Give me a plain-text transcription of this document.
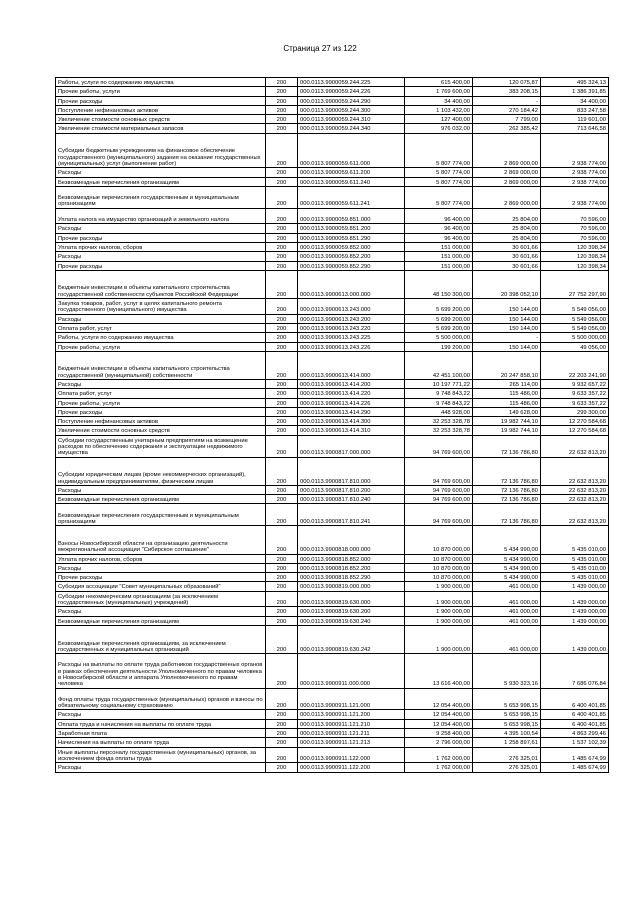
Страница 27 из 122
Работы, услуги по содержанию имущества	200	000.0113.9900059.244.225	615 400,00	120 075,87	495 324,13
Прочие работы, услуги	200	000.0113.9900059.244.226	1 769 600,00	383 208,15	1 386 391,85
Прочие расходы	200	000.0113.9900059.244.290	34 400,00	-	34 400,00
Поступление нефинансовых активов	200	000.0113.9900059.244.300	1 103 432,00	270 184,42	833 247,58
Увеличение стоимости основных средств	200	000.0113.9900059.244.310	127 400,00	7 799,00	119 601,00
Увеличение стоимости материальных запасов	200	000.0113.9900059.244.340	976 032,00	262 385,42	713 646,58
Субсидии бюджетным учреждениям на финансовое обеспечение государственного (муниципального) задания на оказание государственных (муниципальных) услуг (выполнение работ)	200	000.0113.9900059.611.000	5 807 774,00	2 869 000,00	2 938 774,00
Расходы	200	000.0113.9900059.611.200	5 807 774,00	2 869 000,00	2 938 774,00
Безвозмездные перечисления организациям	200	000.0113.9900059.611.240	5 807 774,00	2 869 000,00	2 938 774,00
Безвозмездные перечисления государственным и муниципальным организациям	200	000.0113.9900059.611.241	5 807 774,00	2 869 000,00	2 938 774,00
Уплата налога на имущество организаций и земельного налога	200	000.0113.9900059.851.000	96 400,00	25 804,00	70 596,00
Расходы	200	000.0113.9900059.851.200	96 400,00	25 804,00	70 596,00
Прочие расходы	200	000.0113.9900059.851.290	96 400,00	25 804,00	70 596,00
Уплата прочих налогов, сборов	200	000.0113.9900059.852.000	151 000,00	30 601,66	120 398,34
Расходы	200	000.0113.9900059.852.200	151 000,00	30 601,66	120 398,34
Прочие расходы	200	000.0113.9900059.852.290	151 000,00	30 601,66	120 398,34
Бюджетные инвестиции в объекты капитального строительства государственной собственности субъектов Российской Федерации	200	000.0113.9900613.000.000	48 150 300,00	20 398 052,10	27 752 297,90
Закупка товаров, работ, услуг в целях капитального ремонта государственного (муниципального) имущества	200	000.0113.9900613.243.000	5 699 200,00	150 144,00	5 549 056,00
Расходы	200	000.0113.9900613.243.200	5 699 200,00	150 144,00	5 549 056,00
Оплата работ, услуг	200	000.0113.9900613.243.220	5 699 200,00	150 144,00	5 549 056,00
Работы, услуги по содержанию имущества	200	000.0113.9900613.243.225	5 500 000,00	-	5 500 000,00
Прочие работы, услуги	200	000.0113.9900613.243.226	199 200,00	150 144,00	49 056,00
Бюджетные инвестиции в объекты капитального строительства государственной (муниципальной) собственности	200	000.0113.9900613.414.000	42 451 100,00	20 247 858,10	22 203 241,90
Расходы	200	000.0113.9900613.414.200	10 197 771,22	265 114,00	9 932 657,22
Оплата работ, услуг	200	000.0113.9900613.414.220	9 748 843,22	115 486,00	9 633 357,22
Прочие работы, услуги	200	000.0113.9900613.414.226	9 748 843,22	115 486,00	9 633 357,22
Прочие расходы	200	000.0113.9900613.414.290	448 928,00	149 628,00	299 300,00
Поступление нефинансовых активов	200	000.0113.9900613.414.300	32 253 328,78	19 982 744,10	12 270 584,68
Увеличение стоимости основных средств	200	000.0113.9900613.414.310	32 253 328,78	19 982 744,10	12 270 584,68
Субсидии государственным унитарным предприятиям на возмещение расходов по обеспечению содержания и эксплуатации недвижимого имущества	200	000.0113.9900817.000.000	94 769 600,00	72 136 786,80	22 632 813,20
Субсидии юридическим лицам (кроме некоммерческих организаций), индивидуальным предпринимателям, физическим лицам	200	000.0113.9900817.810.000	94 769 600,00	72 136 786,80	22 632 813,20
Расходы	200	000.0113.9900817.810.200	94 769 600,00	72 136 786,80	22 632 813,20
Безвозмездные перечисления организациям	200	000.0113.9900817.810.240	94 769 600,00	72 136 786,80	22 632 813,20
Безвозмездные перечисления государственным и муниципальным организациям	200	000.0113.9900817.810.241	94 769 600,00	72 136 786,80	22 632 813,20
Взносы Новосибирской области на организацию деятельности межрегиональной ассоциации "Сибирское соглашение"	200	000.0113.9900818.000.000	10 870 000,00	5 434 990,00	5 435 010,00
Уплата прочих налогов, сборов	200	000.0113.9900818.852.000	10 870 000,00	5 434 990,00	5 435 010,00
Расходы	200	000.0113.9900818.852.200	10 870 000,00	5 434 990,00	5 435 010,00
Прочие расходы	200	000.0113.9900818.852.290	10 870 000,00	5 434 990,00	5 435 010,00
Субсидия ассоциации "Совет муниципальных образований"	200	000.0113.9900819.000.000	1 900 000,00	461 000,00	1 439 000,00
Субсидии некоммерческим организациям (за исключением государственных (муниципальных) учреждений)	200	000.0113.9900819.630.000	1 900 000,00	461 000,00	1 439 000,00
Расходы	200	000.0113.9900819.630.200	1 900 000,00	461 000,00	1 439 000,00
Безвозмездные перечисления организациям	200	000.0113.9900819.630.240	1 900 000,00	461 000,00	1 439 000,00
Безвозмездные перечисления организациям, за исключением государственных и муниципальных организаций	200	000.0113.9900819.630.242	1 900 000,00	461 000,00	1 439 000,00
Расходы на выплаты по оплате труда работников государственных органов в рамках обеспечения деятельности Уполномоченного по правам человека в Новосибирской области и аппарата Уполномоченного по правам человека	200	000.0113.9900911.000.000	13 616 400,00	5 930 323,16	7 686 076,84
Фонд оплаты труда государственных (муниципальных) органов и взносы по обязательному социальному страхованию	200	000.0113.9900911.121.000	12 054 400,00	5 653 998,15	6 400 401,85
Расходы	200	000.0113.9900911.121.200	12 054 400,00	5 653 998,15	6 400 401,85
Оплата труда и начисления на выплаты по оплате труда	200	000.0113.9900911.121.210	12 054 400,00	5 653 998,15	6 400 401,85
Заработная плата	200	000.0113.9900911.121.211	9 258 400,00	4 395 100,54	4 863 299,46
Начисления на выплаты по оплате труда	200	000.0113.9900911.121.213	2 796 000,00	1 258 897,61	1 537 102,39
Иные выплаты персоналу государственных (муниципальных) органов, за исключением фонда оплаты труда	200	000.0113.9900911.122.000	1 762 000,00	276 325,01	1 485 674,99
Расходы	200	000.0113.9900911.122.200	1 762 000,00	276 325,01	1 485 674,99
